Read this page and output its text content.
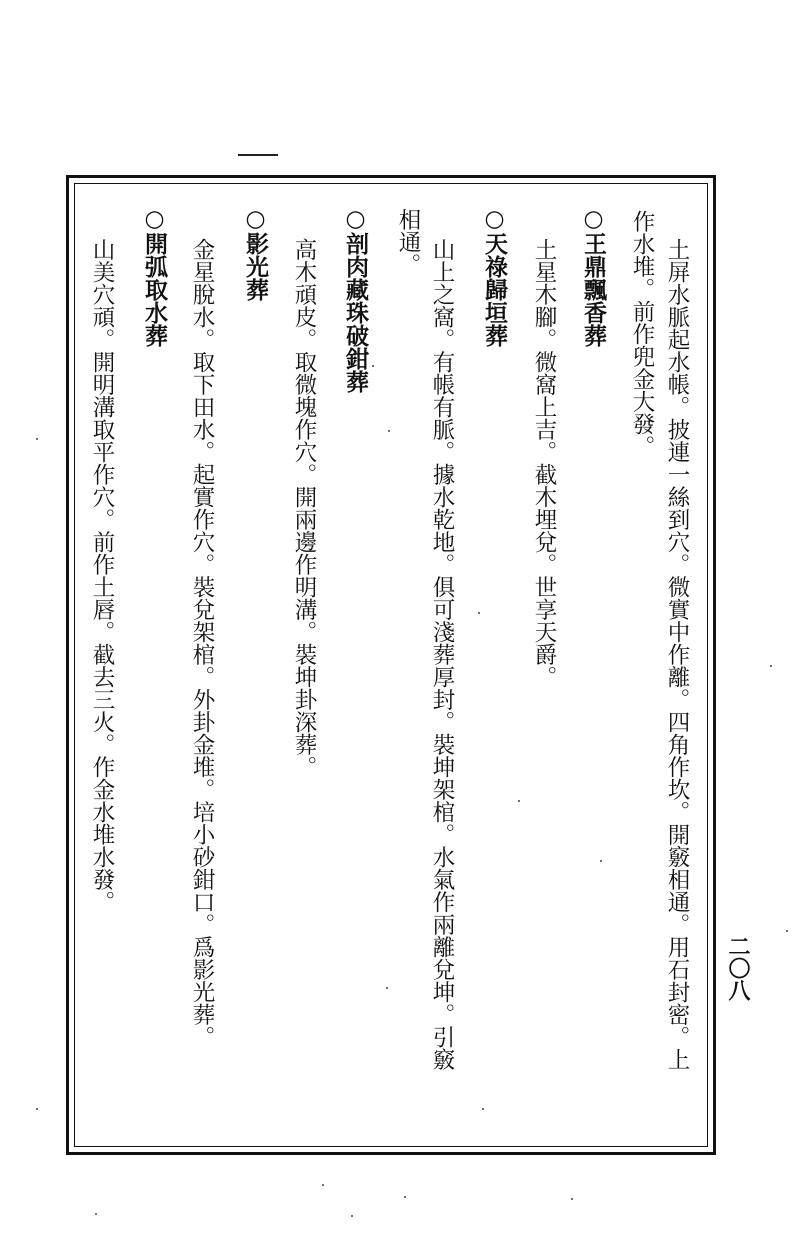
二〇八
土屏水脈起水帳。披連一絲到穴。微實中作離。四角作坎。開竅相通。用石封密。上
作水堆。前作兜金大發。
○王鼎飄香葬
土星木腳。微窩上吉。截木埋兌。世享天爵。
○天祿歸垣葬
山上之窩。有帳有脈。據水乾地。俱可淺葬厚封。裝坤架棺。水氣作兩離兌坤。引竅
相通。
○剖肉藏珠破鉗葬
高木頑皮。取微塊作穴。開兩邊作明溝。裝坤卦深葬。
○影光葬
金星脫水。取下田水。起實作穴。裝兌架棺。外卦金堆。培小砂鉗口。爲影光葬。
○開弧取水葬
山美穴頑。開明溝取平作穴。前作土唇。截去三火。作金水堆水發。
